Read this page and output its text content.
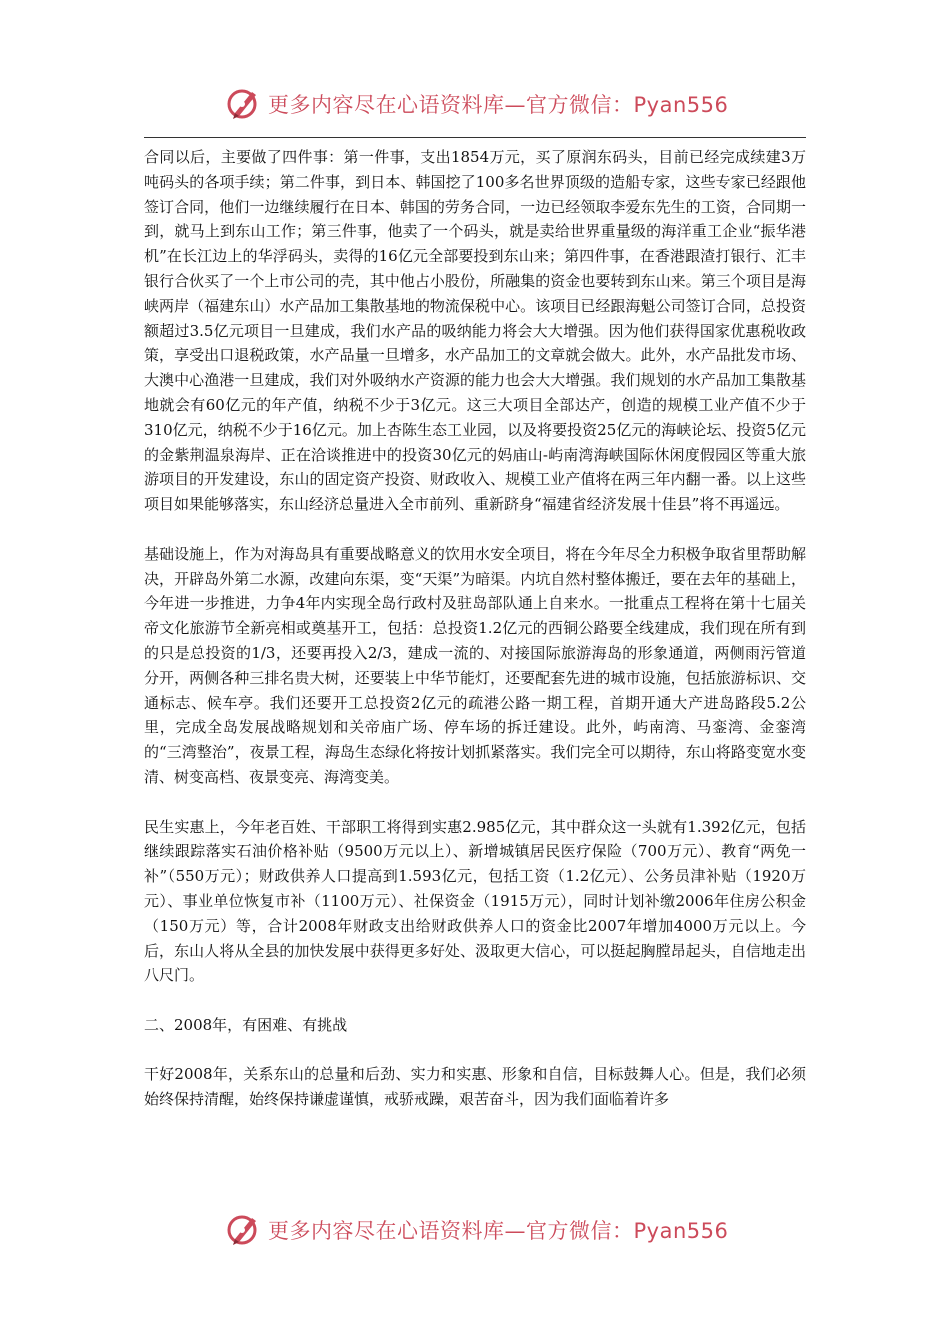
更多内容尽在心语资料库—官方微信：Pyan556

合同以后，主要做了四件事：第一件事，支出1854万元，买了原润东码头，目前已经完成续建3万吨码头的各项手续；第二件事，到日本、韩国挖了100多名世界顶级的造船专家，这些专家已经跟他签订合同，他们一边继续履行在日本、韩国的劳务合同，一边已经领取李爱东先生的工资，合同期一到，就马上到东山工作；第三件事，他卖了一个码头，就是卖给世界重量级的海洋重工企业“振华港机”在长江边上的华浮码头，卖得的16亿元全部要投到东山来；第四件事，在香港跟渣打银行、汇丰银行合伙买了一个上市公司的壳，其中他占小股份，所融集的资金也要转到东山来。第三个项目是海峡两岸（福建东山）水产品加工集散基地的物流保税中心。该项目已经跟海魁公司签订合同，总投资额超过3.5亿元项目一旦建成，我们水产品的吸纳能力将会大大增强。因为他们获得国家优惠税收政策，享受出口退税政策，水产品量一旦增多，水产品加工的文章就会做大。此外，水产品批发市场、大澳中心渔港一旦建成，我们对外吸纳水产资源的能力也会大大增强。我们规划的水产品加工集散基地就会有60亿元的年产值，纳税不少于3亿元。这三大项目全部达产，创造的规模工业产值不少于310亿元，纳税不少于16亿元。加上杏陈生态工业园，以及将要投资25亿元的海峡论坛、投资5亿元的金紫荆温泉海岸、正在洽谈推进中的投资30亿元的妈庙山-屿南湾海峡国际休闲度假园区等重大旅游项目的开发建设，东山的固定资产投资、财政收入、规模工业产值将在两三年内翻一番。以上这些项目如果能够落实，东山经济总量进入全市前列、重新跻身“福建省经济发展十佳县”将不再遥远。

基础设施上，作为对海岛具有重要战略意义的饮用水安全项目，将在今年尽全力积极争取省里帮助解决，开辟岛外第二水源，改建向东渠，变“天渠”为暗渠。内坑自然村整体搬迁，要在去年的基础上，今年进一步推进，力争4年内实现全岛行政村及驻岛部队通上自来水。一批重点工程将在第十七届关帝文化旅游节全新亮相或奠基开工，包括：总投资1.2亿元的西铜公路要全线建成，我们现在所有到的只是总投资的1/3，还要再投入2/3，建成一流的、对接国际旅游海岛的形象通道，两侧雨污管道分开，两侧各种三排名贵大树，还要装上中华节能灯，还要配套先进的城市设施，包括旅游标识、交通标志、候车亭。我们还要开工总投资2亿元的疏港公路一期工程，首期开通大产进岛路段5.2公里，完成全岛发展战略规划和关帝庙广场、停车场的拆迁建设。此外，屿南湾、马銮湾、金銮湾的“三湾整治”，夜景工程，海岛生态绿化将按计划抓紧落实。我们完全可以期待，东山将路变宽水变清、树变高档、夜景变亮、海湾变美。

民生实惠上，今年老百姓、干部职工将得到实惠2.985亿元，其中群众这一头就有1.392亿元，包括继续跟踪落实石油价格补贴（9500万元以上）、新增城镇居民医疗保险（700万元）、教育“两免一补”（550万元）；财政供养人口提高到1.593亿元，包括工资（1.2亿元）、公务员津补贴（1920万元）、事业单位恢复市补（1100万元）、社保资金（1915万元），同时计划补缴2006年住房公积金（150万元）等，合计2008年财政支出给财政供养人口的资金比2007年增加4000万元以上。今后，东山人将从全县的加快发展中获得更多好处、汲取更大信心，可以挺起胸膛昂起头，自信地走出八尺门。

二、2008年，有困难、有挑战

干好2008年，关系东山的总量和后劲、实力和实惠、形象和自信，目标鼓舞人心。但是，我们必须始终保持清醒，始终保持谦虚谨慎，戒骄戒躁，艰苦奋斗，因为我们面临着许多

更多内容尽在心语资料库—官方微信：Pyan556
